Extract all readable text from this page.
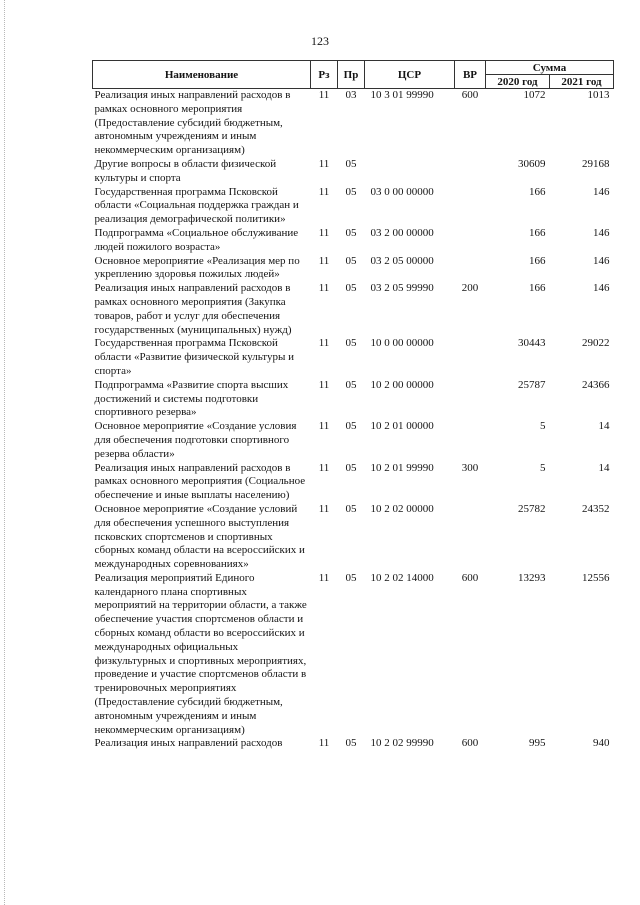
123
Наименование	Рз	Пр	ЦСР	ВР	Сумма	
					2020 год	2021 год
Реализация иных направлений расходов в рамках основного мероприятия (Предоставление субсидий бюджетным, автономным учреждениям и иным некоммерческим организациям)	11	03	10 3 01 99990	600	1072	1013
Другие вопросы в области физической культуры и спорта	11	05			30609	29168
Государственная программа Псковской области «Социальная поддержка граждан и реализация демографической политики»	11	05	03 0 00 00000		166	146
Подпрограмма «Социальное обслуживание людей пожилого возраста»	11	05	03 2 00 00000		166	146
Основное мероприятие «Реализация мер по укреплению здоровья пожилых людей»	11	05	03 2 05 00000		166	146
Реализация иных направлений расходов в рамках основного мероприятия (Закупка товаров, работ и услуг для обеспечения государственных (муниципальных) нужд)	11	05	03 2 05 99990	200	166	146
Государственная программа Псковской области «Развитие физической культуры и спорта»	11	05	10 0 00 00000		30443	29022
Подпрограмма «Развитие спорта высших достижений и системы подготовки спортивного резерва»	11	05	10 2 00 00000		25787	24366
Основное мероприятие «Создание условия для обеспечения подготовки спортивного резерва области»	11	05	10 2 01 00000		5	14
Реализация иных направлений расходов в рамках основного мероприятия (Социальное обеспечение и иные выплаты населению)	11	05	10 2 01 99990	300	5	14
Основное мероприятие «Создание условий для обеспечения успешного выступления псковских спортсменов и спортивных сборных команд области на всероссийских и международных соревнованиях»	11	05	10 2 02 00000		25782	24352
Реализация мероприятий Единого календарного плана спортивных мероприятий на территории области, а также обеспечение участия спортсменов области и сборных команд области во всероссийских и международных официальных физкультурных и спортивных мероприятиях, проведение и участие спортсменов области в тренировочных мероприятиях (Предоставление субсидий бюджетным, автономным учреждениям и иным некоммерческим организациям)	11	05	10 2 02 14000	600	13293	12556
Реализация иных направлений расходов	11	05	10 2 02 99990	600	995	940
